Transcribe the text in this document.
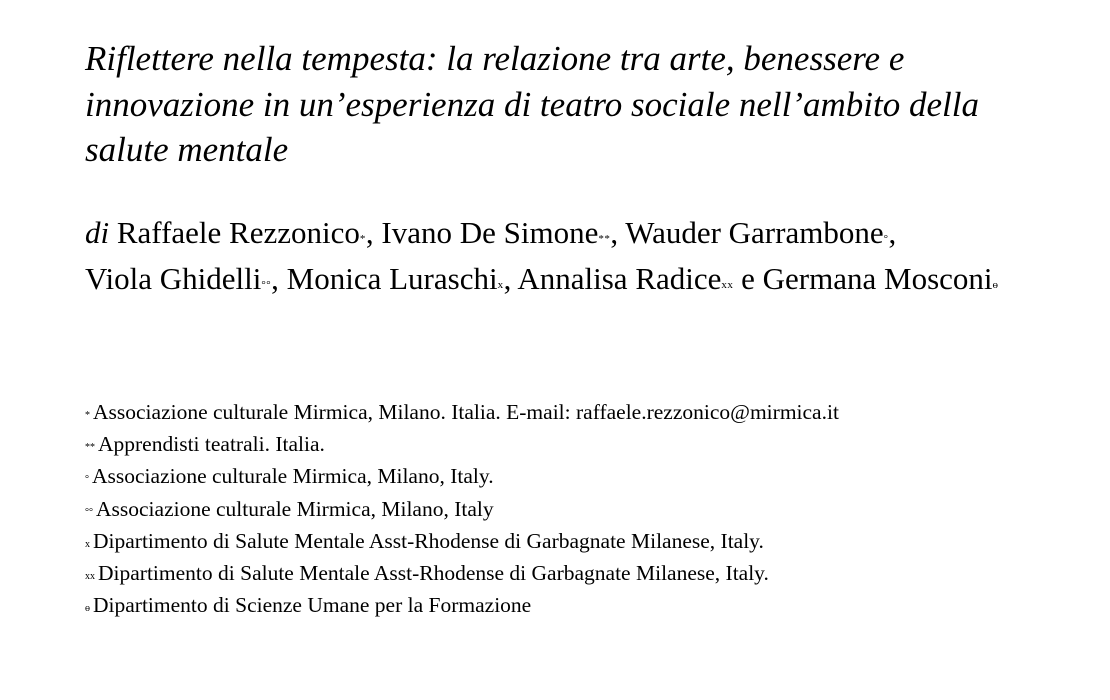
Riflettere nella tempesta: la relazione tra arte, benessere e innovazione in un’esperienza di teatro sociale nell’ambito della salute mentale
di Raffaele Rezzonico*, Ivano De Simone**, Wauder Garrambone°,
Viola Ghidelli°°, Monica Luraschix, Annalisa Radicexx e Germana Mosconiɵ
* Associazione culturale Mirmica, Milano. Italia. E-mail: raffaele.rezzonico@mirmica.it
** Apprendisti teatrali. Italia.
° Associazione culturale Mirmica, Milano, Italy.
°° Associazione culturale Mirmica, Milano, Italy
x Dipartimento di Salute Mentale Asst-Rhodense di Garbagnate Milanese, Italy.
xx Dipartimento di Salute Mentale Asst-Rhodense di Garbagnate Milanese, Italy.
ɵ Dipartimento di Scienze Umane per la Formazione
